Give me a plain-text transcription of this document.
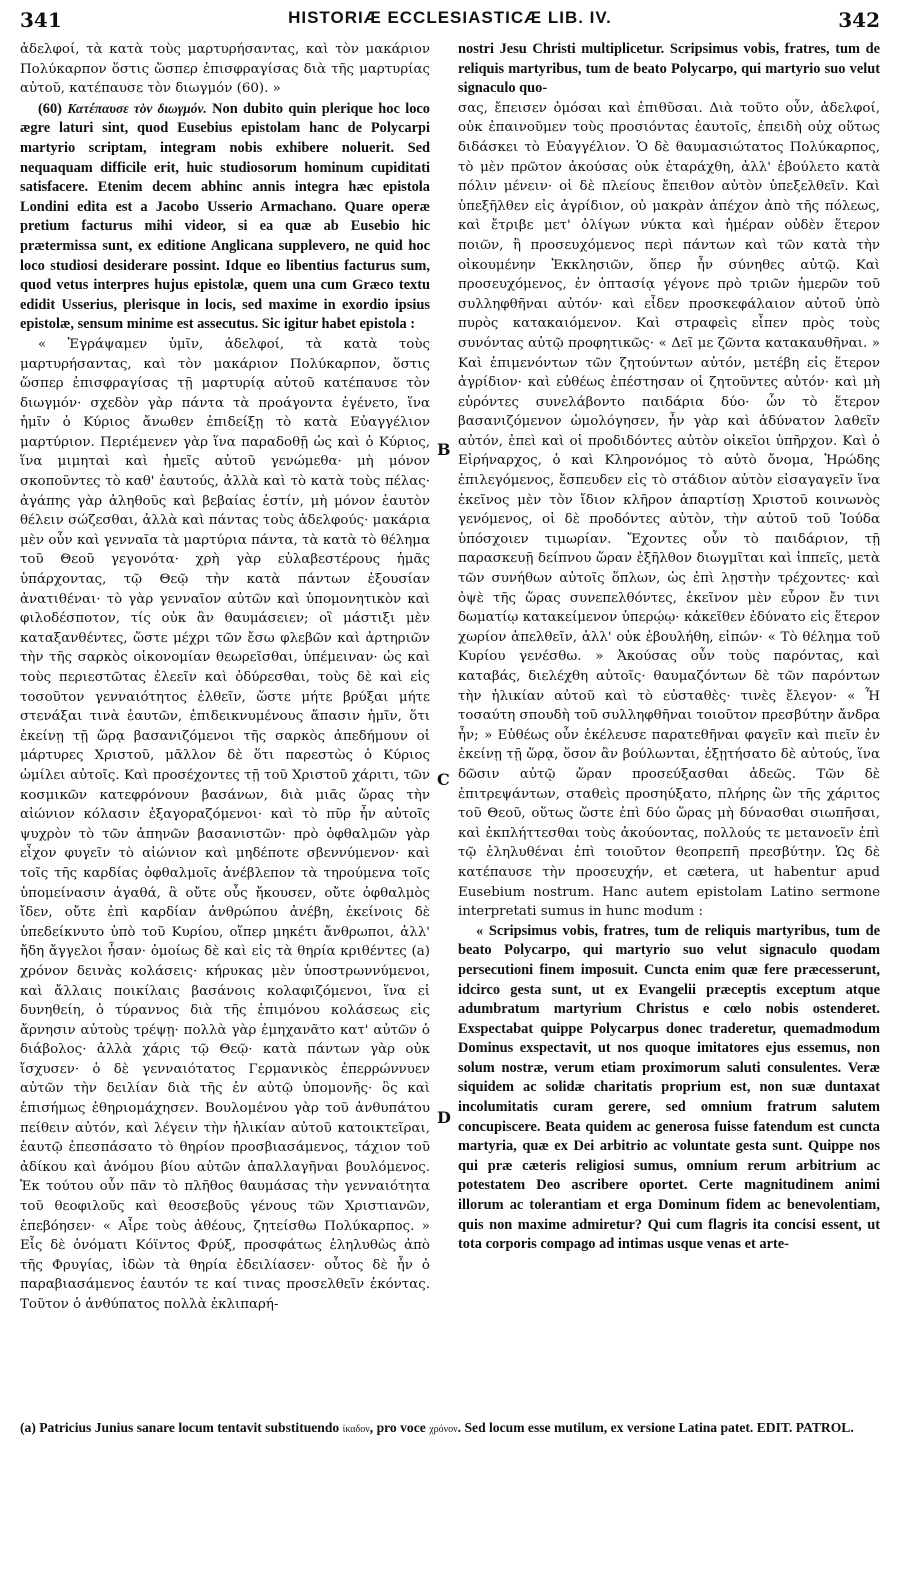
341	HISTORIÆ ECCLESIASTICÆ LIB. IV.	342

ἀδελφοί, τὰ κατὰ τοὺς μαρτυρήσαντας, καὶ τὸν μακάριον Πολύκαρπον ὅστις ὥσπερ ἐπισφραγίσας διὰ τῆς μαρτυρίας αὐτοῦ, κατέπαυσε τὸν διωγμόν (60). »

(60) Κατέπαυσε τὸν διωγμόν. Non dubito quin plerique hoc loco ægre laturi sint, quod Eusebius epistolam hanc de Polycarpi martyrio scriptam, integram nobis exhibere noluerit. Sed nequaquam difficile erit, huic studiosorum hominum cupiditati satisfacere. Etenim decem abhinc annis integra hæc epistola Londini edita est a Jacobo Usserio Armachano. Quare operæ pretium facturus mihi videor, si ea quæ ab Eusebio hic prætermissa sunt, ex editione Anglicana supplevero, ne quid hoc loco studiosi desiderare possint. Idque eo libentius facturus sum, quod vetus interpres hujus epistolæ, quem una cum Græco textu edidit Usserius, plerisque in locis, sed maxime in exordio ipsius epistolæ, sensum minime est assecutus. Sic igitur habet epistola :

« Ἐγράψαμεν ὑμῖν, ἀδελφοί, τὰ κατὰ τοὺς μαρτυρήσαντας, καὶ τὸν μακάριον Πολύκαρπον, ὅστις ὥσπερ ἐπισφραγίσας τῇ μαρτυρίᾳ αὐτοῦ κατέπαυσε τὸν διωγμόν· σχεδὸν γὰρ πάντα τὰ προάγοντα ἐγένετο, ἵνα ἡμῖν ὁ Κύριος ἄνωθεν ἐπιδείξῃ τὸ κατὰ Εὐαγγέλιον μαρτύριον. Περιέμενεν γὰρ ἵνα παραδοθῇ ὡς καὶ ὁ Κύριος, ἵνα μιμηταὶ καὶ ἡμεῖς αὐτοῦ γενώμεθα· μὴ μόνον σκοποῦντες τὸ καθ' ἑαυτούς, ἀλλὰ καὶ τὸ κατὰ τοὺς πέλας· ἀγάπης γὰρ ἀληθοῦς καὶ βεβαίας ἐστίν, μὴ μόνον ἑαυτὸν θέλειν σώζεσθαι, ἀλλὰ καὶ πάντας τοὺς ἀδελφούς· μακάρια μὲν οὖν καὶ γενναῖα τὰ μαρτύρια πάντα, τὰ κατὰ τὸ θέλημα τοῦ Θεοῦ γεγονότα· χρὴ γὰρ εὐλαβεστέρους ἡμᾶς ὑπάρχοντας, τῷ Θεῷ τὴν κατὰ πάντων ἐξουσίαν ἀνατιθέναι· τὸ γὰρ γενναῖον αὐτῶν καὶ ὑπομονητικὸν καὶ φιλοδέσποτον, τίς οὐκ ἂν θαυμάσειεν; οἳ μάστιξι μὲν καταξανθέντες, ὥστε μέχρι τῶν ἔσω φλεβῶν καὶ ἀρτηριῶν τὴν τῆς σαρκὸς οἰκονομίαν θεωρεῖσθαι, ὑπέμειναν· ὡς καὶ τοὺς περιεστῶτας ἐλεεῖν καὶ ὀδύρεσθαι, τοὺς δὲ καὶ εἰς τοσοῦτον γενναιότητος ἐλθεῖν, ὥστε μήτε βρύξαι μήτε στενάξαι τινὰ ἑαυτῶν, ἐπιδεικνυμένους ἅπασιν ἡμῖν, ὅτι ἐκείνῃ τῇ ὥρᾳ βασανιζόμενοι τῆς σαρκὸς ἀπεδήμουν οἱ μάρτυρες Χριστοῦ, μᾶλλον δὲ ὅτι παρεστὼς ὁ Κύριος ὡμίλει αὐτοῖς. Καὶ προσέχοντες τῇ τοῦ Χριστοῦ χάριτι, τῶν κοσμικῶν κατεφρόνουν βασάνων, διὰ μιᾶς ὥρας τὴν αἰώνιον κόλασιν ἐξαγοραζόμενοι· καὶ τὸ πῦρ ἦν αὐτοῖς ψυχρὸν τὸ τῶν ἀπηνῶν βασανιστῶν· πρὸ ὀφθαλμῶν γὰρ εἶχον φυγεῖν τὸ αἰώνιον καὶ μηδέποτε σβεννύμενον· καὶ τοῖς τῆς καρδίας ὀφθαλμοῖς ἀνέβλεπον τὰ τηρούμενα τοῖς ὑπομείνασιν ἀγαθά, ἃ οὔτε οὖς ἤκουσεν, οὔτε ὀφθαλμὸς ἴδεν, οὔτε ἐπὶ καρδίαν ἀνθρώπου ἀνέβη, ἐκείνοις δὲ ὑπεδείκνυτο ὑπὸ τοῦ Κυρίου, οἵπερ μηκέτι ἄνθρωποι, ἀλλ' ἤδη ἄγγελοι ἦσαν· ὁμοίως δὲ καὶ εἰς τὰ θηρία κριθέντες (a) χρόνον δεινὰς κολάσεις· κήρυκας μὲν ὑποστρωννύμενοι, καὶ ἄλλαις ποικίλαις βασάνοις κολαφιζόμενοι, ἵνα εἰ δυνηθείη, ὁ τύραννος διὰ τῆς ἐπιμόνου κολάσεως εἰς ἄρνησιν αὐτοὺς τρέψῃ· πολλὰ γὰρ ἐμηχανᾶτο κατ' αὐτῶν ὁ διάβολος· ἀλλὰ χάρις τῷ Θεῷ· κατὰ πάντων γὰρ οὐκ ἴσχυσεν· ὁ δὲ γενναιότατος Γερμανικὸς ἐπερρώννυεν αὐτῶν τὴν δειλίαν διὰ τῆς ἐν αὐτῷ ὑπομονῆς· ὃς καὶ ἐπισήμως ἐθηριομάχησεν. Βουλομένου γὰρ τοῦ ἀνθυπάτου πείθειν αὐτόν, καὶ λέγειν τὴν ἡλικίαν αὐτοῦ κατοικτεῖραι, ἑαυτῷ ἐπεσπάσατο τὸ θηρίον προσβιασάμενος, τάχιον τοῦ ἀδίκου καὶ ἀνόμου βίου αὐτῶν ἀπαλλαγῆναι βουλόμενος. Ἐκ τούτου οὖν πᾶν τὸ πλῆθος θαυμάσας τὴν γενναιότητα τοῦ θεοφιλοῦς καὶ θεοσεβοῦς γένους τῶν Χριστιανῶν, ἐπεβόησεν· « Αἶρε τοὺς ἀθέους, ζητείσθω Πολύκαρπος. » Εἷς δὲ ὀνόματι Κόϊντος Φρύξ, προσφάτως ἐληλυθὼς ἀπὸ τῆς Φρυγίας, ἰδὼν τὰ θηρία ἐδειλίασεν· οὗτος δὲ ἦν ὁ παραβιασάμενος ἑαυτόν τε καί τινας προσελθεῖν ἑκόντας. Τοῦτον ὁ ἀνθύπατος πολλὰ ἐκλιπαρή-

nostri Jesu Christi multiplicetur. Scripsimus vobis, fratres, tum de reliquis martyribus, tum de beato Polycarpo, qui martyrio suo velut signaculo quo-

σας, ἔπεισεν ὀμόσαι καὶ ἐπιθῦσαι. Διὰ τοῦτο οὖν, ἀδελφοί, οὐκ ἐπαινοῦμεν τοὺς προσιόντας ἑαυτοῖς, ἐπειδὴ οὐχ οὕτως διδάσκει τὸ Εὐαγγέλιον. Ὁ δὲ θαυμασιώτατος Πολύκαρπος, τὸ μὲν πρῶτον ἀκούσας οὐκ ἐταράχθη, ἀλλ' ἐβούλετο κατὰ πόλιν μένειν· οἱ δὲ πλείους ἔπειθον αὐτὸν ὑπεξελθεῖν. Καὶ ὑπεξῆλθεν εἰς ἀγρίδιον, οὐ μακρὰν ἀπέχον ἀπὸ τῆς πόλεως, καὶ ἔτριβε μετ' ὀλίγων νύκτα καὶ ἡμέραν οὐδὲν ἕτερον ποιῶν, ἢ προσευχόμενος περὶ πάντων καὶ τῶν κατὰ τὴν οἰκουμένην Ἐκκλησιῶν, ὅπερ ἦν σύνηθες αὐτῷ. Καὶ προσευχόμενος, ἐν ὀπτασίᾳ γέγονε πρὸ τριῶν ἡμερῶν τοῦ συλληφθῆναι αὐτόν· καὶ εἶδεν προσκεφάλαιον αὐτοῦ ὑπὸ πυρὸς κατακαιόμενον. Καὶ στραφεὶς εἶπεν πρὸς τοὺς συνόντας αὐτῷ προφητικῶς· « Δεῖ με ζῶντα κατακαυθῆναι. » Καὶ ἐπιμενόντων τῶν ζητούντων αὐτόν, μετέβη εἰς ἕτερον ἀγρίδιον· καὶ εὐθέως ἐπέστησαν οἱ ζητοῦντες αὐτόν· καὶ μὴ εὑρόντες συνελάβοντο παιδάρια δύο· ὧν τὸ ἕτερον βασανιζόμενον ὡμολόγησεν, ἦν γὰρ καὶ ἀδύνατον λαθεῖν αὐτόν, ἐπεὶ καὶ οἱ προδιδόντες αὐτὸν οἰκεῖοι ὑπῆρχον. Καὶ ὁ Εἰρήναρχος, ὁ καὶ Κληρονόμος τὸ αὐτὸ ὄνομα, Ἡρώδης ἐπιλεγόμενος, ἔσπευδεν εἰς τὸ στάδιον αὐτὸν εἰσαγαγεῖν ἵνα ἐκεῖνος μὲν τὸν ἴδιον κλῆρον ἀπαρτίσῃ Χριστοῦ κοινωνὸς γενόμενος, οἱ δὲ προδόντες αὐτὸν, τὴν αὐτοῦ τοῦ Ἰούδα ὑπόσχοιεν τιμωρίαν. Ἔχοντες οὖν τὸ παιδάριον, τῇ παρασκευῇ δείπνου ὥραν ἐξῆλθον διωγμῖται καὶ ἱππεῖς, μετὰ τῶν συνήθων αὐτοῖς ὅπλων, ὡς ἐπὶ λῃστὴν τρέχοντες· καὶ ὀψὲ τῆς ὥρας συνεπελθόντες, ἐκεῖνον μὲν εὗρον ἔν τινι δωματίῳ κατακείμενον ὑπερῴῳ· κἀκεῖθεν ἐδύνατο εἰς ἕτερον χωρίον ἀπελθεῖν, ἀλλ' οὐκ ἐβουλήθη, εἰπών· « Τὸ θέλημα τοῦ Κυρίου γενέσθω. » Ἀκούσας οὖν τοὺς παρόντας, καὶ καταβάς, διελέχθη αὐτοῖς· θαυμαζόντων δὲ τῶν παρόντων τὴν ἡλικίαν αὐτοῦ καὶ τὸ εὐσταθὲς· τινὲς ἔλεγον· « Ἦ τοσαύτη σπουδὴ τοῦ συλληφθῆναι τοιοῦτον πρεσβύτην ἄνδρα ἦν; » Εὐθέως οὖν ἐκέλευσε παρατεθῆναι φαγεῖν καὶ πιεῖν ἐν ἐκείνῃ τῇ ὥρᾳ, ὅσον ἂν βούλωνται, ἐξῃτήσατο δὲ αὐτούς, ἵνα δῶσιν αὐτῷ ὥραν προσεύξασθαι ἀδεῶς. Τῶν δὲ ἐπιτρεψάντων, σταθεὶς προσηύξατο, πλήρης ὢν τῆς χάριτος τοῦ Θεοῦ, οὕτως ὥστε ἐπὶ δύο ὥρας μὴ δύνασθαι σιωπῆσαι, καὶ ἐκπλήττεσθαι τοὺς ἀκούοντας, πολλούς τε μετανοεῖν ἐπὶ τῷ ἐληλυθέναι ἐπὶ τοιοῦτον θεοπρεπῆ πρεσβύτην. Ὡς δὲ κατέπαυσε τὴν προσευχήν, et cætera, ut habentur apud Eusebium nostrum. Hanc autem epistolam Latino sermone interpretati sumus in hunc modum :

« Scripsimus vobis, fratres, tum de reliquis martyribus, tum de beato Polycarpo, qui martyrio suo velut signaculo quodam persecutioni finem imposuit. Cuncta enim quæ fere præcesserunt, idcirco gesta sunt, ut ex Evangelii præceptis exceptum atque adumbratum martyrium Christus e cœlo nobis ostenderet. Exspectabat quippe Polycarpus donec traderetur, quemadmodum Dominus exspectavit, ut nos quoque imitatores ejus essemus, non solum nostræ, verum etiam proximorum saluti consulentes. Veræ siquidem ac solidæ charitatis proprium est, non suæ duntaxat incolumitatis curam gerere, sed omnium fratrum salutem concupiscere. Beata quidem ac generosa fuisse fatendum est cuncta martyria, quæ ex Dei arbitrio ac voluntate gesta sunt. Quippe nos qui præ cæteris religiosi sumus, omnium rerum arbitrium ac potestatem Deo ascribere oportet. Certe magnitudinem animi illorum ac tolerantiam et erga Dominum fidem ac benevolentiam, quis non maxime admiretur? Qui cum flagris ita concisi essent, ut tota corporis compago ad intimas usque venas et arte-

B
C
D
(a) Patricius Junius sanare locum tentavit substituendo ἰκαδον, pro voce χρόνον. Sed locum esse mutilum, ex versione Latina patet. EDIT. PATROL.
